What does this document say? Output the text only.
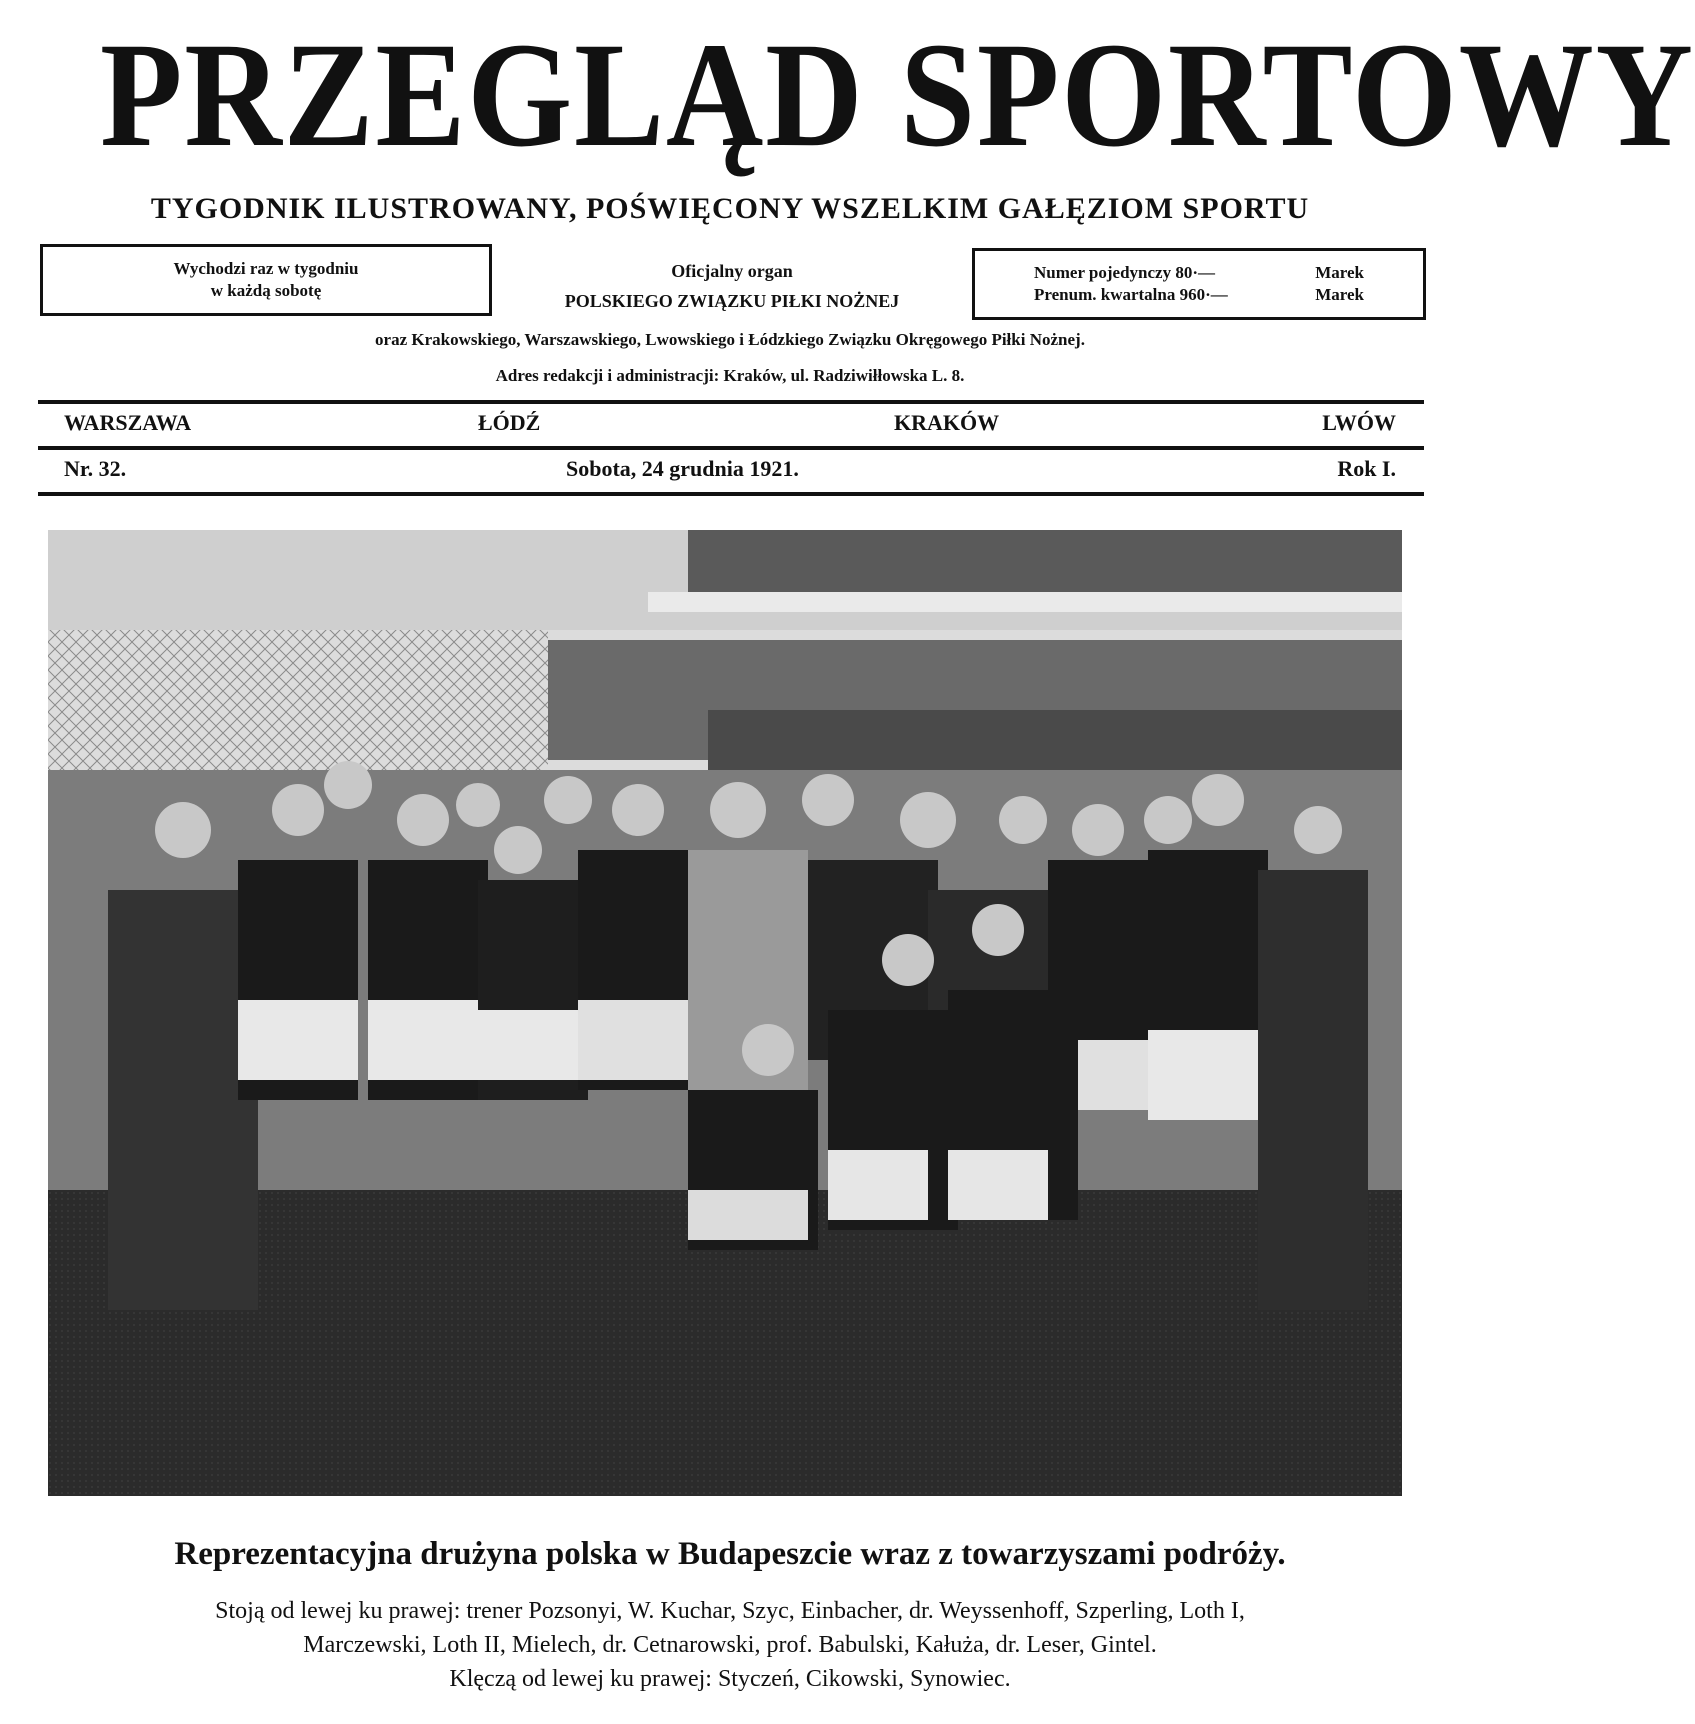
PRZEGLĄD SPORTOWY
TYGODNIK ILUSTROWANY, POŚWIĘCONY WSZELKIM GAŁĘZIOM SPORTU
Wychodzi raz w tygodniu
w każdą sobotę
Oficjalny organ
POLSKIEGO ZWIĄZKU PIŁKI NOŻNEJ
Numer pojedynczy 80·—	Marek
Prenum. kwartalna 960·—	Marek
oraz Krakowskiego, Warszawskiego, Lwowskiego i Łódzkiego Związku Okręgowego Piłki Nożnej.
Adres redakcji i administracji: Kraków, ul. Radziwiłłowska L. 8.
WARSZAWA	ŁÓDŹ	KRAKÓW	LWÓW
Nr. 32.	Sobota, 24 grudnia 1921.	Rok I.
Reprezentacyjna drużyna polska w Budapeszcie wraz z towarzyszami podróży.
Stoją od lewej ku prawej: trener Pozsonyi, W. Kuchar, Szyc, Einbacher, dr. Weyssenhoff, Szperling, Loth I,
Marczewski, Loth II, Mielech, dr. Cetnarowski, prof. Babulski, Kałuża, dr. Leser, Gintel.
Klęczą od lewej ku prawej: Styczeń, Cikowski, Synowiec.
